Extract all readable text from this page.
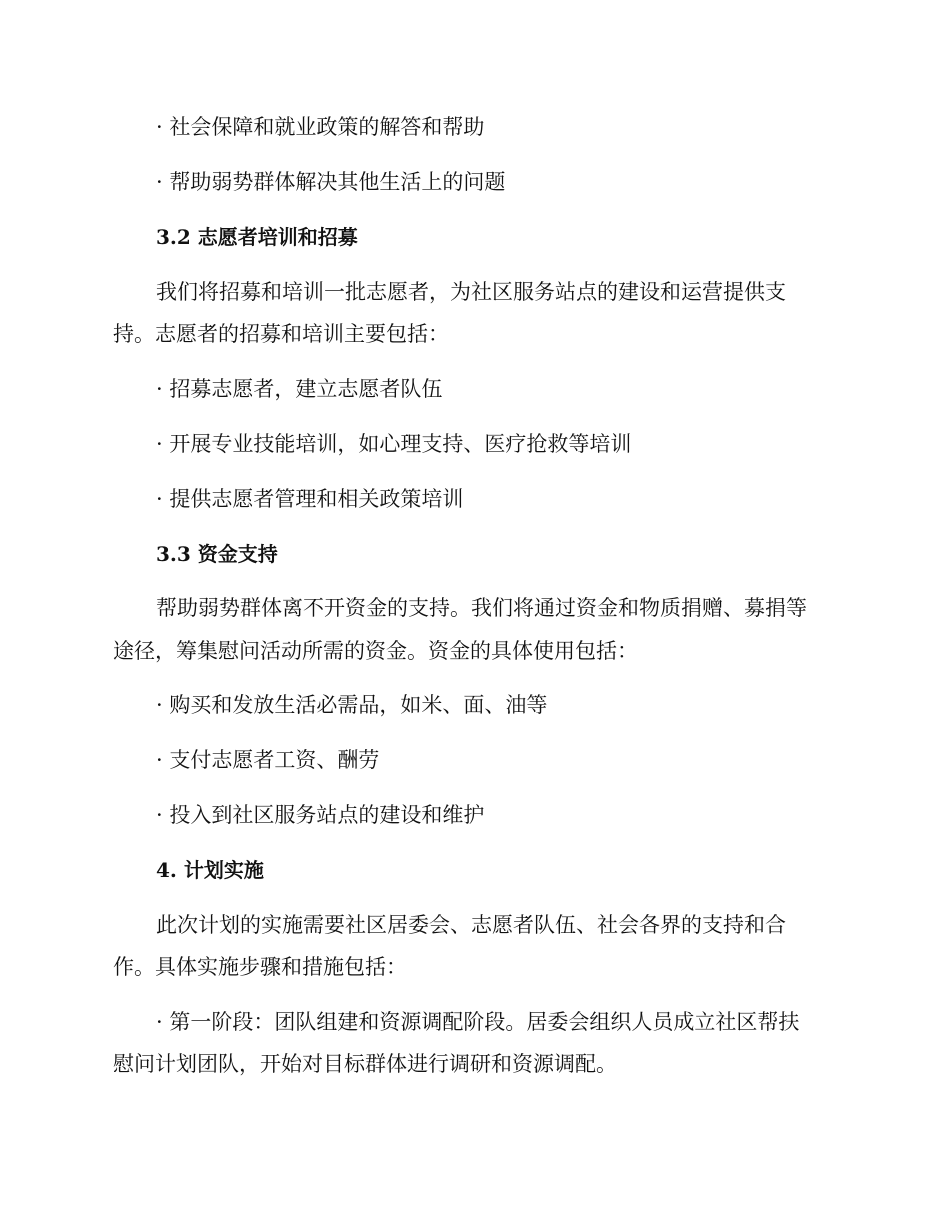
· 社会保障和就业政策的解答和帮助
· 帮助弱势群体解决其他生活上的问题
3.2 志愿者培训和招募
我们将招募和培训一批志愿者，为社区服务站点的建设和运营提供支
持。志愿者的招募和培训主要包括：
· 招募志愿者，建立志愿者队伍
· 开展专业技能培训，如心理支持、医疗抢救等培训
· 提供志愿者管理和相关政策培训
3.3 资金支持
帮助弱势群体离不开资金的支持。我们将通过资金和物质捐赠、募捐等
途径，筹集慰问活动所需的资金。资金的具体使用包括：
· 购买和发放生活必需品，如米、面、油等
· 支付志愿者工资、酬劳
· 投入到社区服务站点的建设和维护
4. 计划实施
此次计划的实施需要社区居委会、志愿者队伍、社会各界的支持和合
作。具体实施步骤和措施包括：
· 第一阶段：团队组建和资源调配阶段。居委会组织人员成立社区帮扶
慰问计划团队，开始对目标群体进行调研和资源调配。
